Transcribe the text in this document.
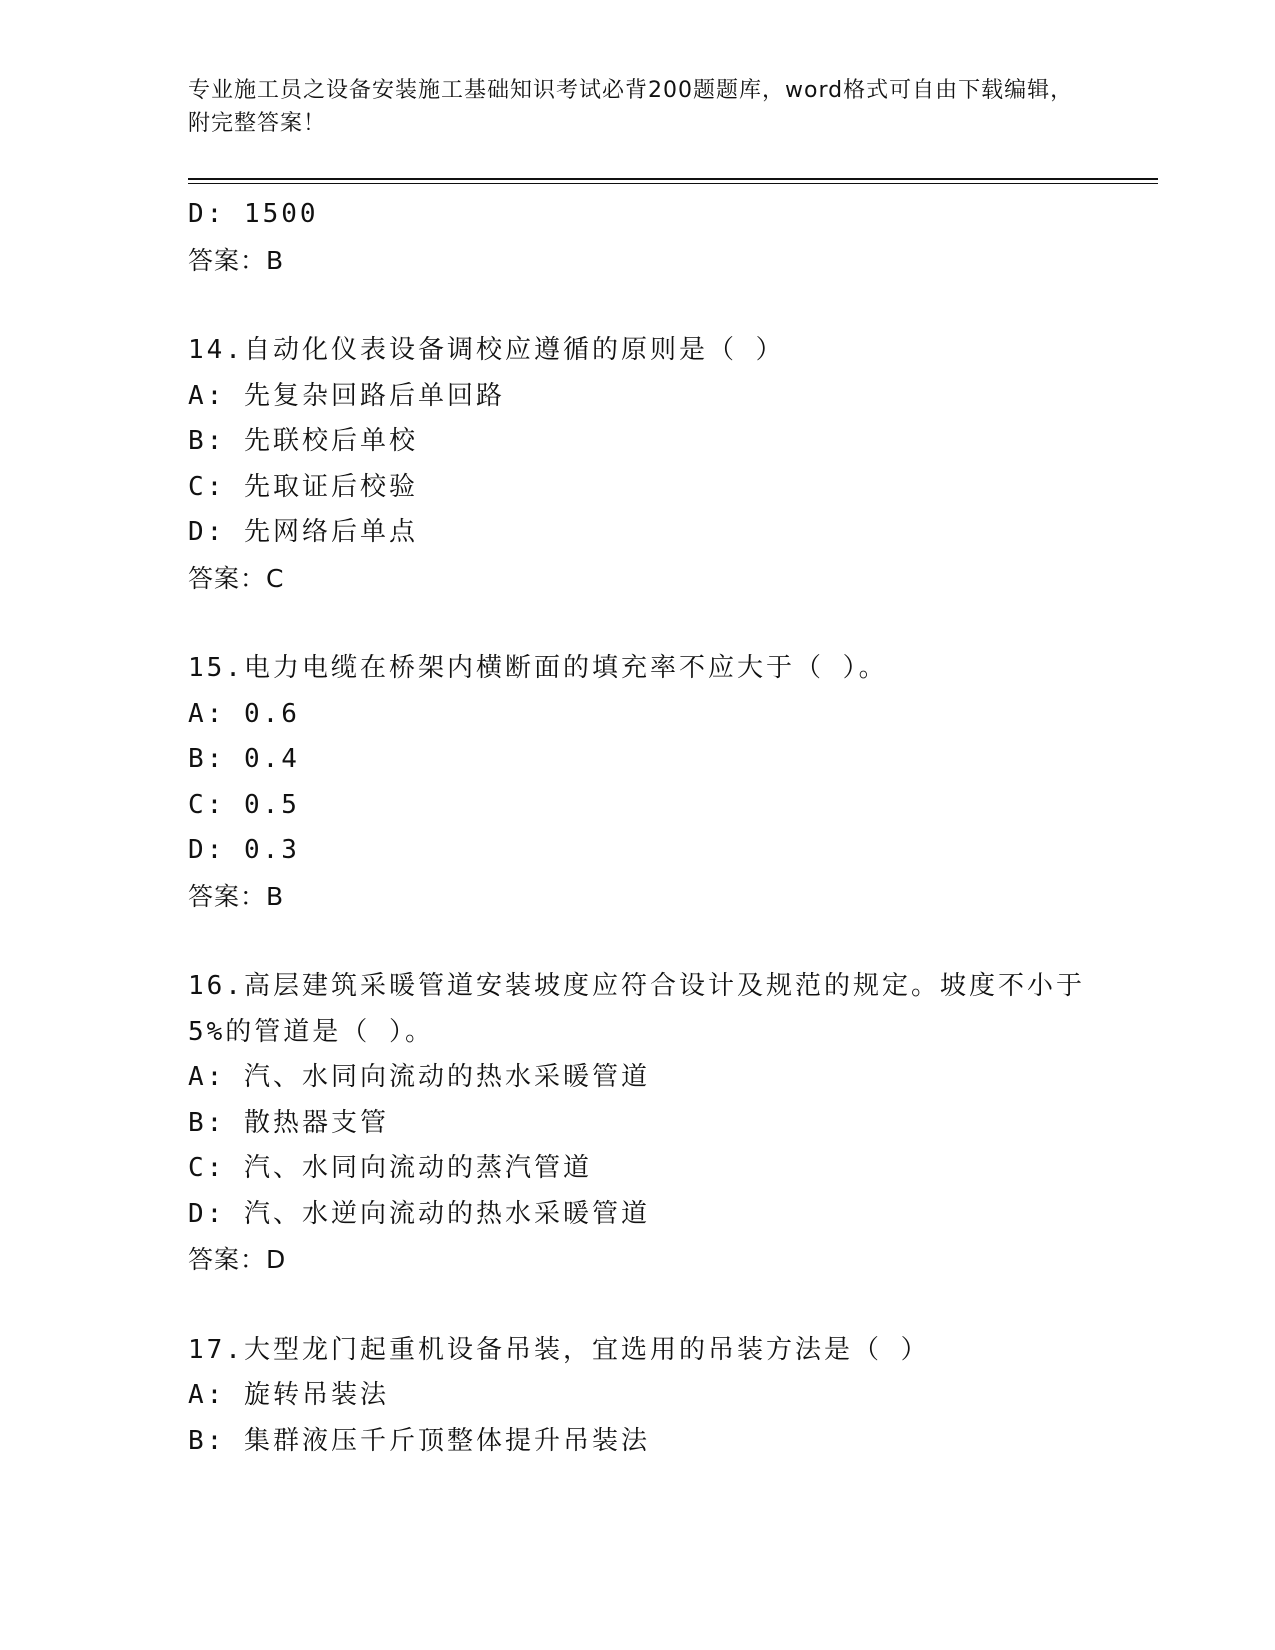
专业施工员之设备安装施工基础知识考试必背200题题库，word格式可自由下载编辑，附完整答案！
D: 1500
答案：B
14.自动化仪表设备调校应遵循的原则是（ ）
A: 先复杂回路后单回路
B: 先联校后单校
C: 先取证后校验
D: 先网络后单点
答案：C
15.电力电缆在桥架内横断面的填充率不应大于（ ）。
A: 0.6
B: 0.4
C: 0.5
D: 0.3
答案：B
16.高层建筑采暖管道安装坡度应符合设计及规范的规定。坡度不小于5%的管道是（ ）。
A: 汽、水同向流动的热水采暖管道
B: 散热器支管
C: 汽、水同向流动的蒸汽管道
D: 汽、水逆向流动的热水采暖管道
答案：D
17.大型龙门起重机设备吊装，宜选用的吊装方法是（ ）
A: 旋转吊装法
B: 集群液压千斤顶整体提升吊装法
